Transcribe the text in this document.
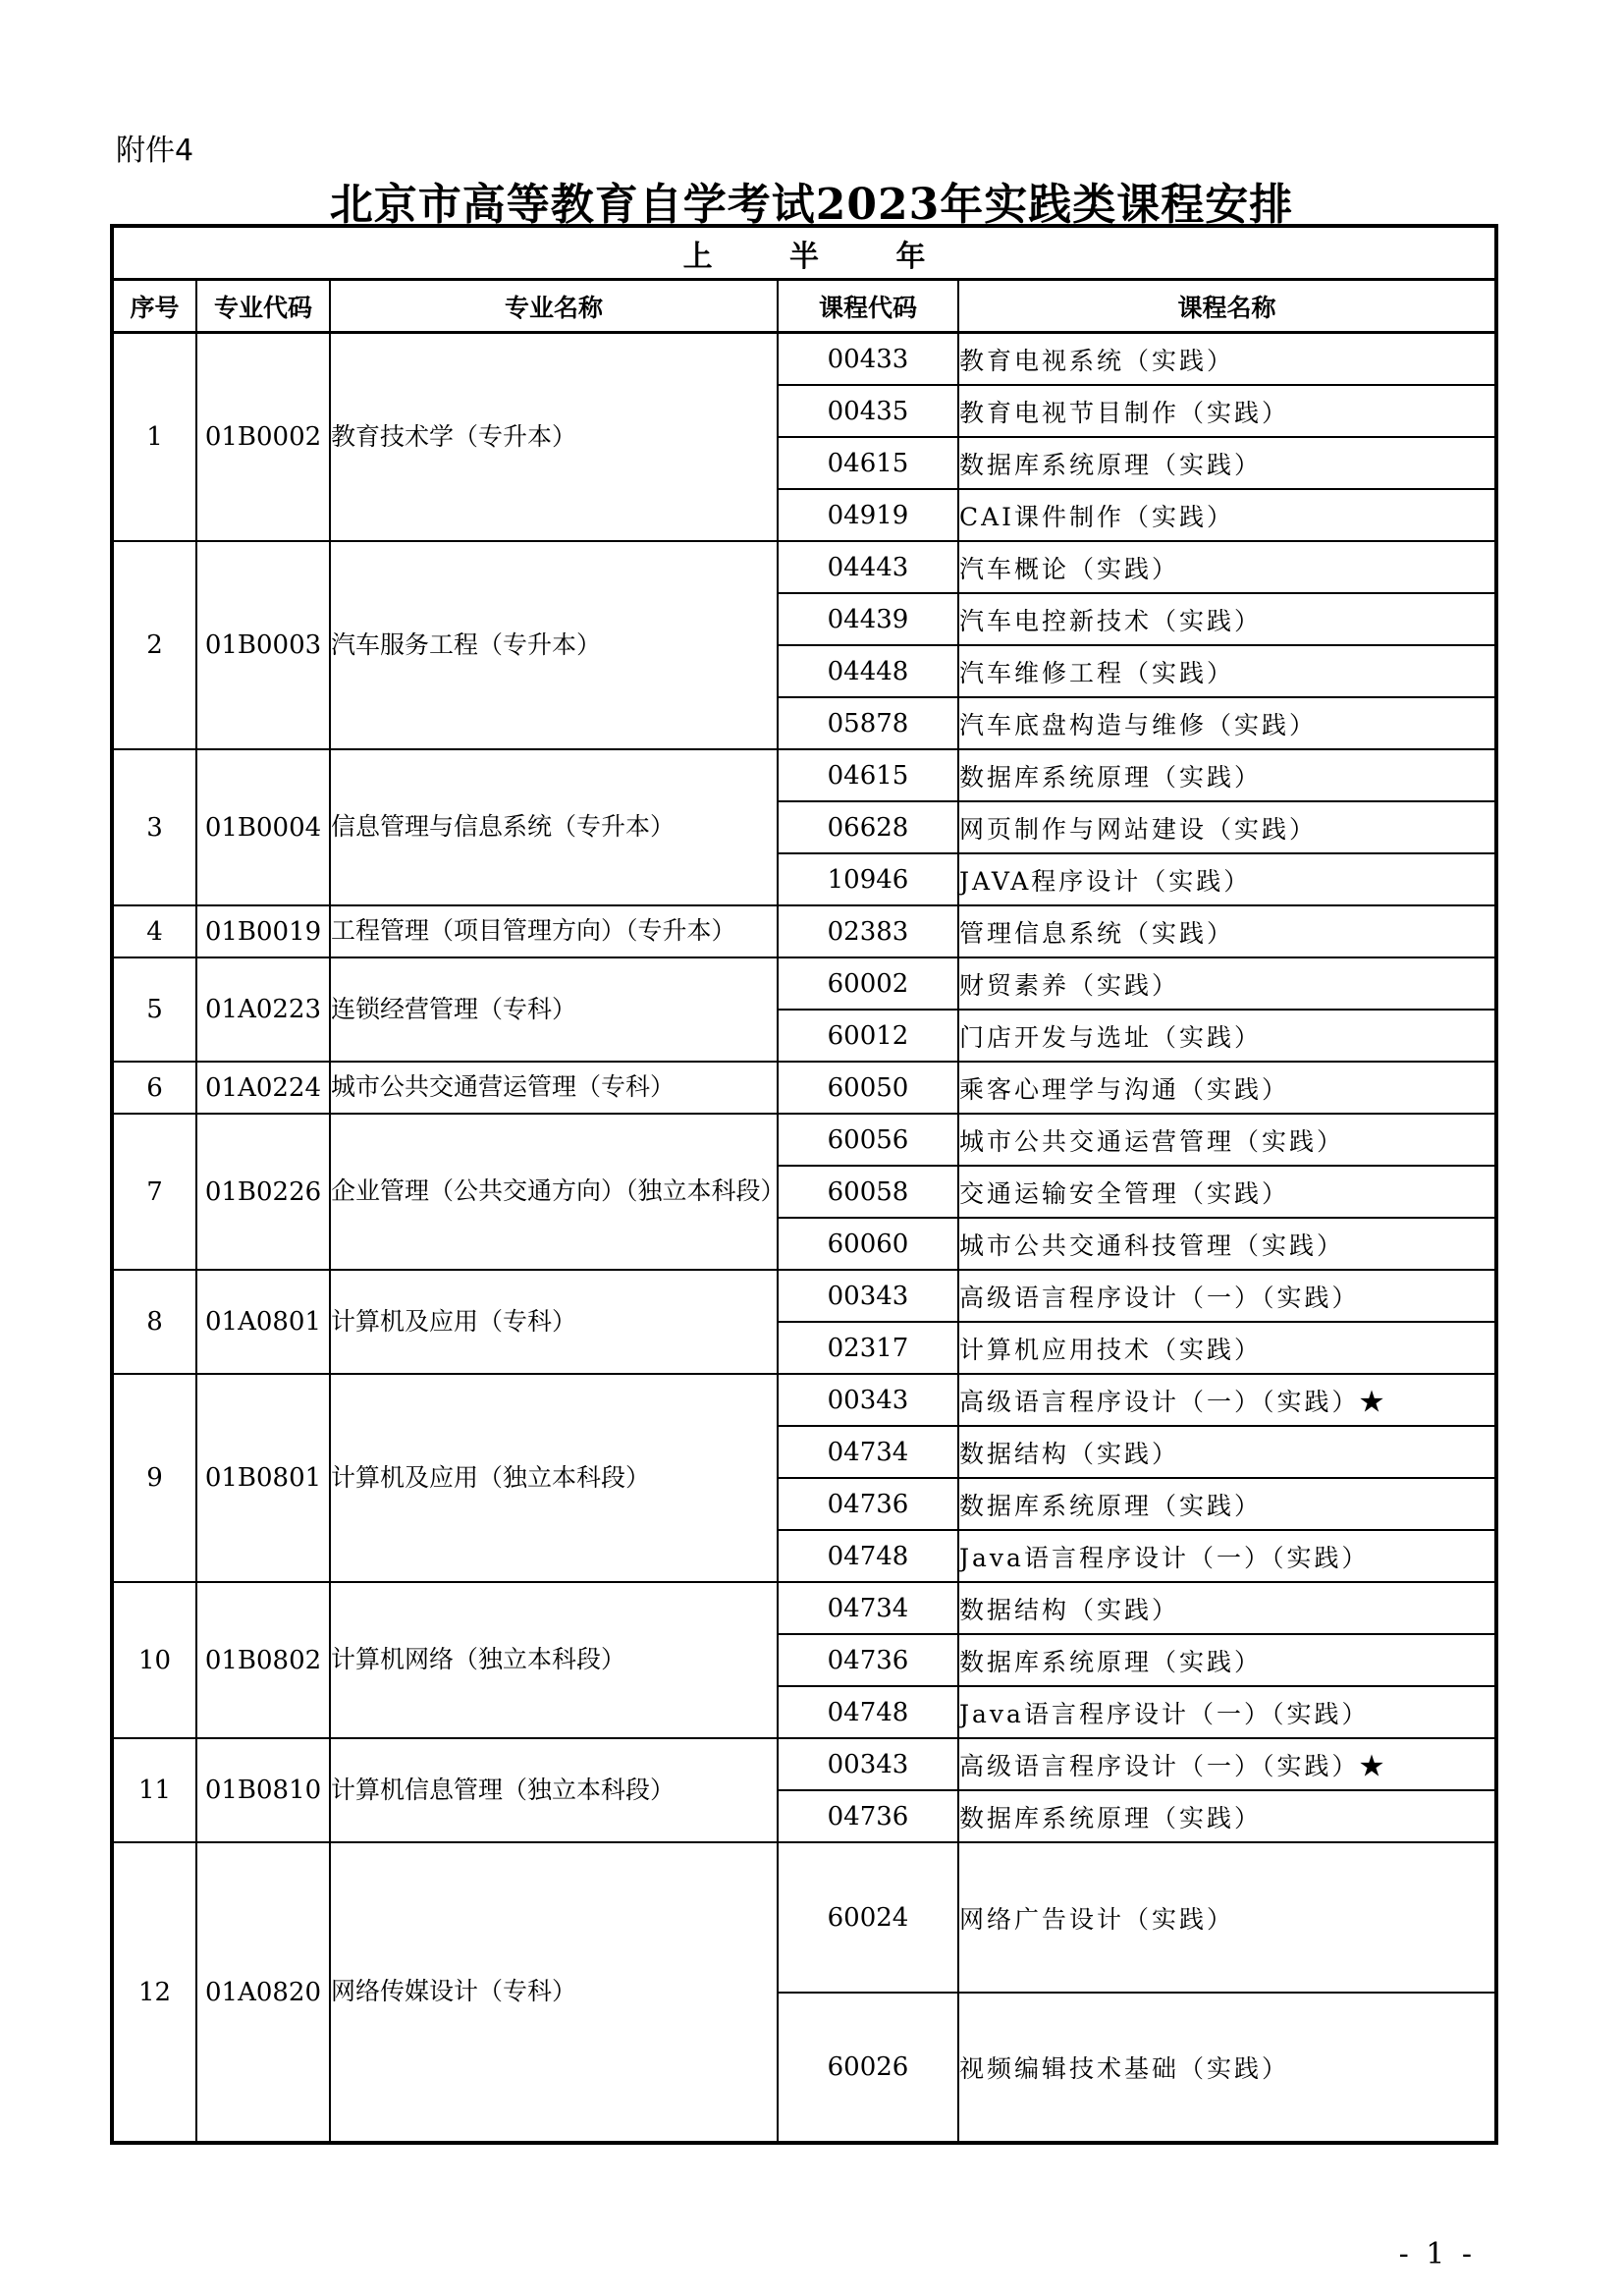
附件4
北京市高等教育自学考试2023年实践类课程安排
上 半 年				
序号	专业代码	专业名称	课程代码	课程名称
1	01B0002	教育技术学（专升本）	00433	教育电视系统（实践）
			00435	教育电视节目制作（实践）
			04615	数据库系统原理（实践）
			04919	CAI课件制作（实践）
2	01B0003	汽车服务工程（专升本）	04443	汽车概论（实践）
			04439	汽车电控新技术（实践）
			04448	汽车维修工程（实践）
			05878	汽车底盘构造与维修（实践）
3	01B0004	信息管理与信息系统（专升本）	04615	数据库系统原理（实践）
			06628	网页制作与网站建设（实践）
			10946	JAVA程序设计（实践）
4	01B0019	工程管理（项目管理方向）（专升本）	02383	管理信息系统（实践）
5	01A0223	连锁经营管理（专科）	60002	财贸素养（实践）
			60012	门店开发与选址（实践）
6	01A0224	城市公共交通营运管理（专科）	60050	乘客心理学与沟通（实践）
7	01B0226	企业管理（公共交通方向）（独立本科段）	60056	城市公共交通运营管理（实践）
			60058	交通运输安全管理（实践）
			60060	城市公共交通科技管理（实践）
8	01A0801	计算机及应用（专科）	00343	高级语言程序设计（一）（实践）
			02317	计算机应用技术（实践）
9	01B0801	计算机及应用（独立本科段）	00343	高级语言程序设计（一）（实践）★
			04734	数据结构（实践）
			04736	数据库系统原理（实践）
			04748	Java语言程序设计（一）（实践）
10	01B0802	计算机网络（独立本科段）	04734	数据结构（实践）
			04736	数据库系统原理（实践）
			04748	Java语言程序设计（一）（实践）
11	01B0810	计算机信息管理（独立本科段）	00343	高级语言程序设计（一）（实践）★
			04736	数据库系统原理（实践）
12	01A0820	网络传媒设计（专科）	60024	网络广告设计（实践）
			60026	视频编辑技术基础（实践）
- 1 -
